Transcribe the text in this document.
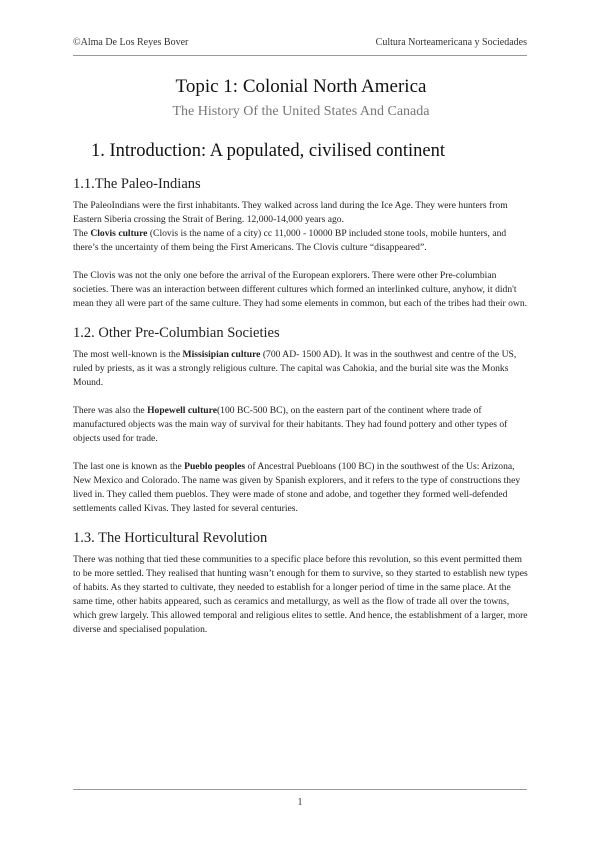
©Alma De Los Reyes Bover	Cultura Norteamericana y Sociedades
Topic 1: Colonial North America
The History Of the United States And Canada
1. Introduction: A populated, civilised continent
1.1.The Paleo-Indians

The PaleoIndians were the first inhabitants. They walked across land during the Ice Age. They were hunters from Eastern Siberia crossing the Strait of Bering. 12,000-14,000 years ago.

The Clovis culture (Clovis is the name of a city) cc 11,000 - 10000 BP included stone tools, mobile hunters, and there’s the uncertainty of them being the First Americans. The Clovis culture “disappeared”.

The Clovis was not the only one before the arrival of the European explorers. There were other Pre-columbian societies. There was an interaction between different cultures which formed an interlinked culture, anyhow, it didn't mean they all were part of the same culture. They had some elements in common, but each of the tribes had their own.

1.2. Other Pre-Columbian Societies

The most well-known is the Missisipian culture (700 AD- 1500 AD). It was in the southwest and centre of the US, ruled by priests, as it was a strongly religious culture. The capital was Cahokia, and the burial site was the Monks Mound.

There was also the Hopewell culture(100 BC-500 BC), on the eastern part of the continent where trade of manufactured objects was the main way of survival for their habitants. They had found pottery and other types of objects used for trade.

The last one is known as the Pueblo peoples of Ancestral Puebloans (100 BC) in the southwest of the Us: Arizona, New Mexico and Colorado. The name was given by Spanish explorers, and it refers to the type of constructions they lived in. They called them pueblos. They were made of stone and adobe, and together they formed well-defended settlements called Kivas. They lasted for several centuries.

1.3. The Horticultural Revolution

There was nothing that tied these communities to a specific place before this revolution, so this event permitted them to be more settled. They realised that hunting wasn’t enough for them to survive, so they started to establish new types of habits. As they started to cultivate, they needed to establish for a longer period of time in the same place. At the same time, other habits appeared, such as ceramics and metallurgy, as well as the flow of trade all over the towns, which grew largely. This allowed temporal and religious elites to settle. And hence, the establishment of a larger, more diverse and specialised population.

1
